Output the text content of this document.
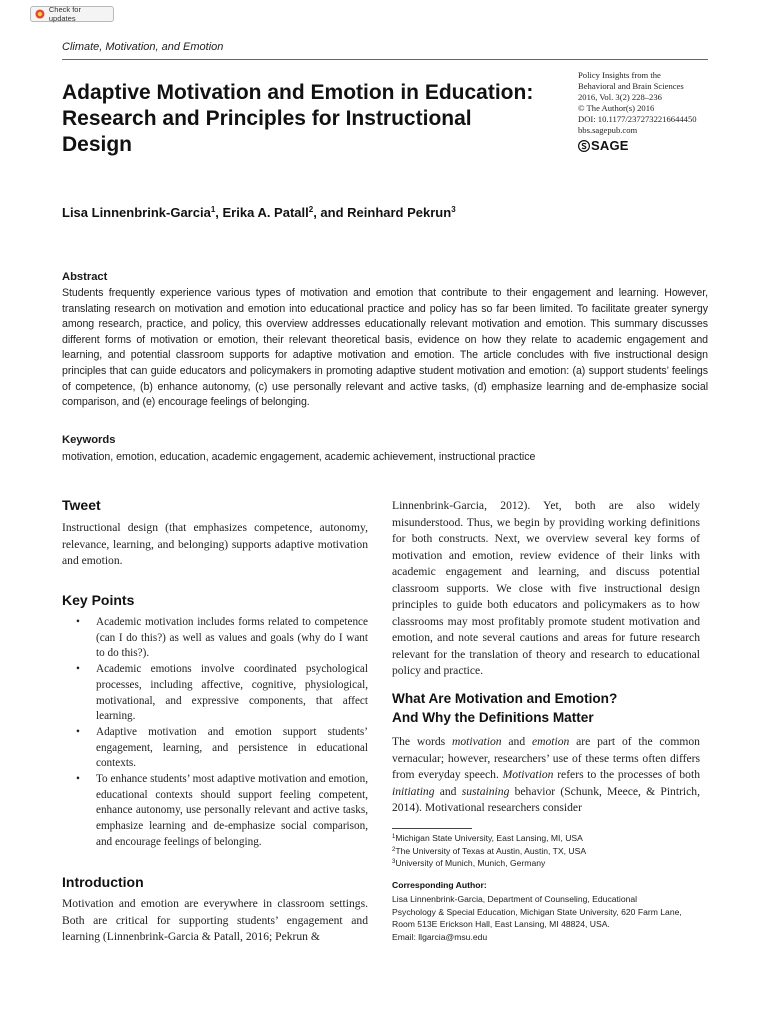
Check for updates
Climate, Motivation, and Emotion
Adaptive Motivation and Emotion in Education: Research and Principles for Instructional Design
Policy Insights from the
Behavioral and Brain Sciences
2016, Vol. 3(2) 228–236
© The Author(s) 2016
DOI: 10.1177/2372732216644450
bbs.sagepub.com
SAGE
Lisa Linnenbrink-Garcia$^1$, Erika A. Patall$^2$, and Reinhard Pekrun$^3$
Abstract
Students frequently experience various types of motivation and emotion that contribute to their engagement and learning. However, translating research on motivation and emotion into educational practice and policy has so far been limited. To facilitate greater synergy among research, practice, and policy, this overview addresses educationally relevant motivation and emotion. This summary discusses different forms of motivation or emotion, their relevant theoretical basis, evidence on how they relate to academic engagement and learning, and potential classroom supports for adaptive motivation and emotion. The article concludes with five instructional design principles that can guide educators and policymakers in promoting adaptive student motivation and emotion: (a) support students’ feelings of competence, (b) enhance autonomy, (c) use personally relevant and active tasks, (d) emphasize learning and de-emphasize social comparison, and (e) encourage feelings of belonging.
Keywords
motivation, emotion, education, academic engagement, academic achievement, instructional practice
Tweet
Instructional design (that emphasizes competence, autonomy, relevance, learning, and belonging) supports adaptive motivation and emotion.
Key Points
• Academic motivation includes forms related to competence (can I do this?) as well as values and goals (why do I want to do this?).
• Academic emotions involve coordinated psychological processes, including affective, cognitive, physiological, motivational, and expressive components, that affect learning.
• Adaptive motivation and emotion support students’ engagement, learning, and persistence in educational contexts.
• To enhance students’ most adaptive motivation and emotion, educational contexts should support feeling competent, enhance autonomy, use personally relevant and active tasks, emphasize learning and de-emphasize social comparison, and encourage feelings of belonging.
Introduction
Motivation and emotion are everywhere in classroom settings. Both are critical for supporting students’ engagement and learning (Linnenbrink-Garcia & Patall, 2016; Pekrun &
Linnenbrink-Garcia, 2012). Yet, both are also widely misunderstood. Thus, we begin by providing working definitions for both constructs. Next, we overview several key forms of motivation and emotion, review evidence of their links with academic engagement and learning, and discuss potential classroom supports. We close with five instructional design principles to guide both educators and policymakers as to how classrooms may most profitably promote student motivation and emotion, and note several cautions and areas for future research relevant for the translation of theory and research to educational policy and practice.
What Are Motivation and Emotion?
And Why the Definitions Matter
The words motivation and emotion are part of the common vernacular; however, researchers’ use of these terms often differs from everyday speech. Motivation refers to the processes of both initiating and sustaining behavior (Schunk, Meece, & Pintrich, 2014). Motivational researchers consider
$^1$Michigan State University, East Lansing, MI, USA
$^2$The University of Texas at Austin, Austin, TX, USA
$^3$University of Munich, Munich, Germany
Corresponding Author:
Lisa Linnenbrink-Garcia, Department of Counseling, Educational
Psychology & Special Education, Michigan State University, 620 Farm Lane,
Room 513E Erickson Hall, East Lansing, MI 48824, USA.
Email: llgarcia@msu.edu
